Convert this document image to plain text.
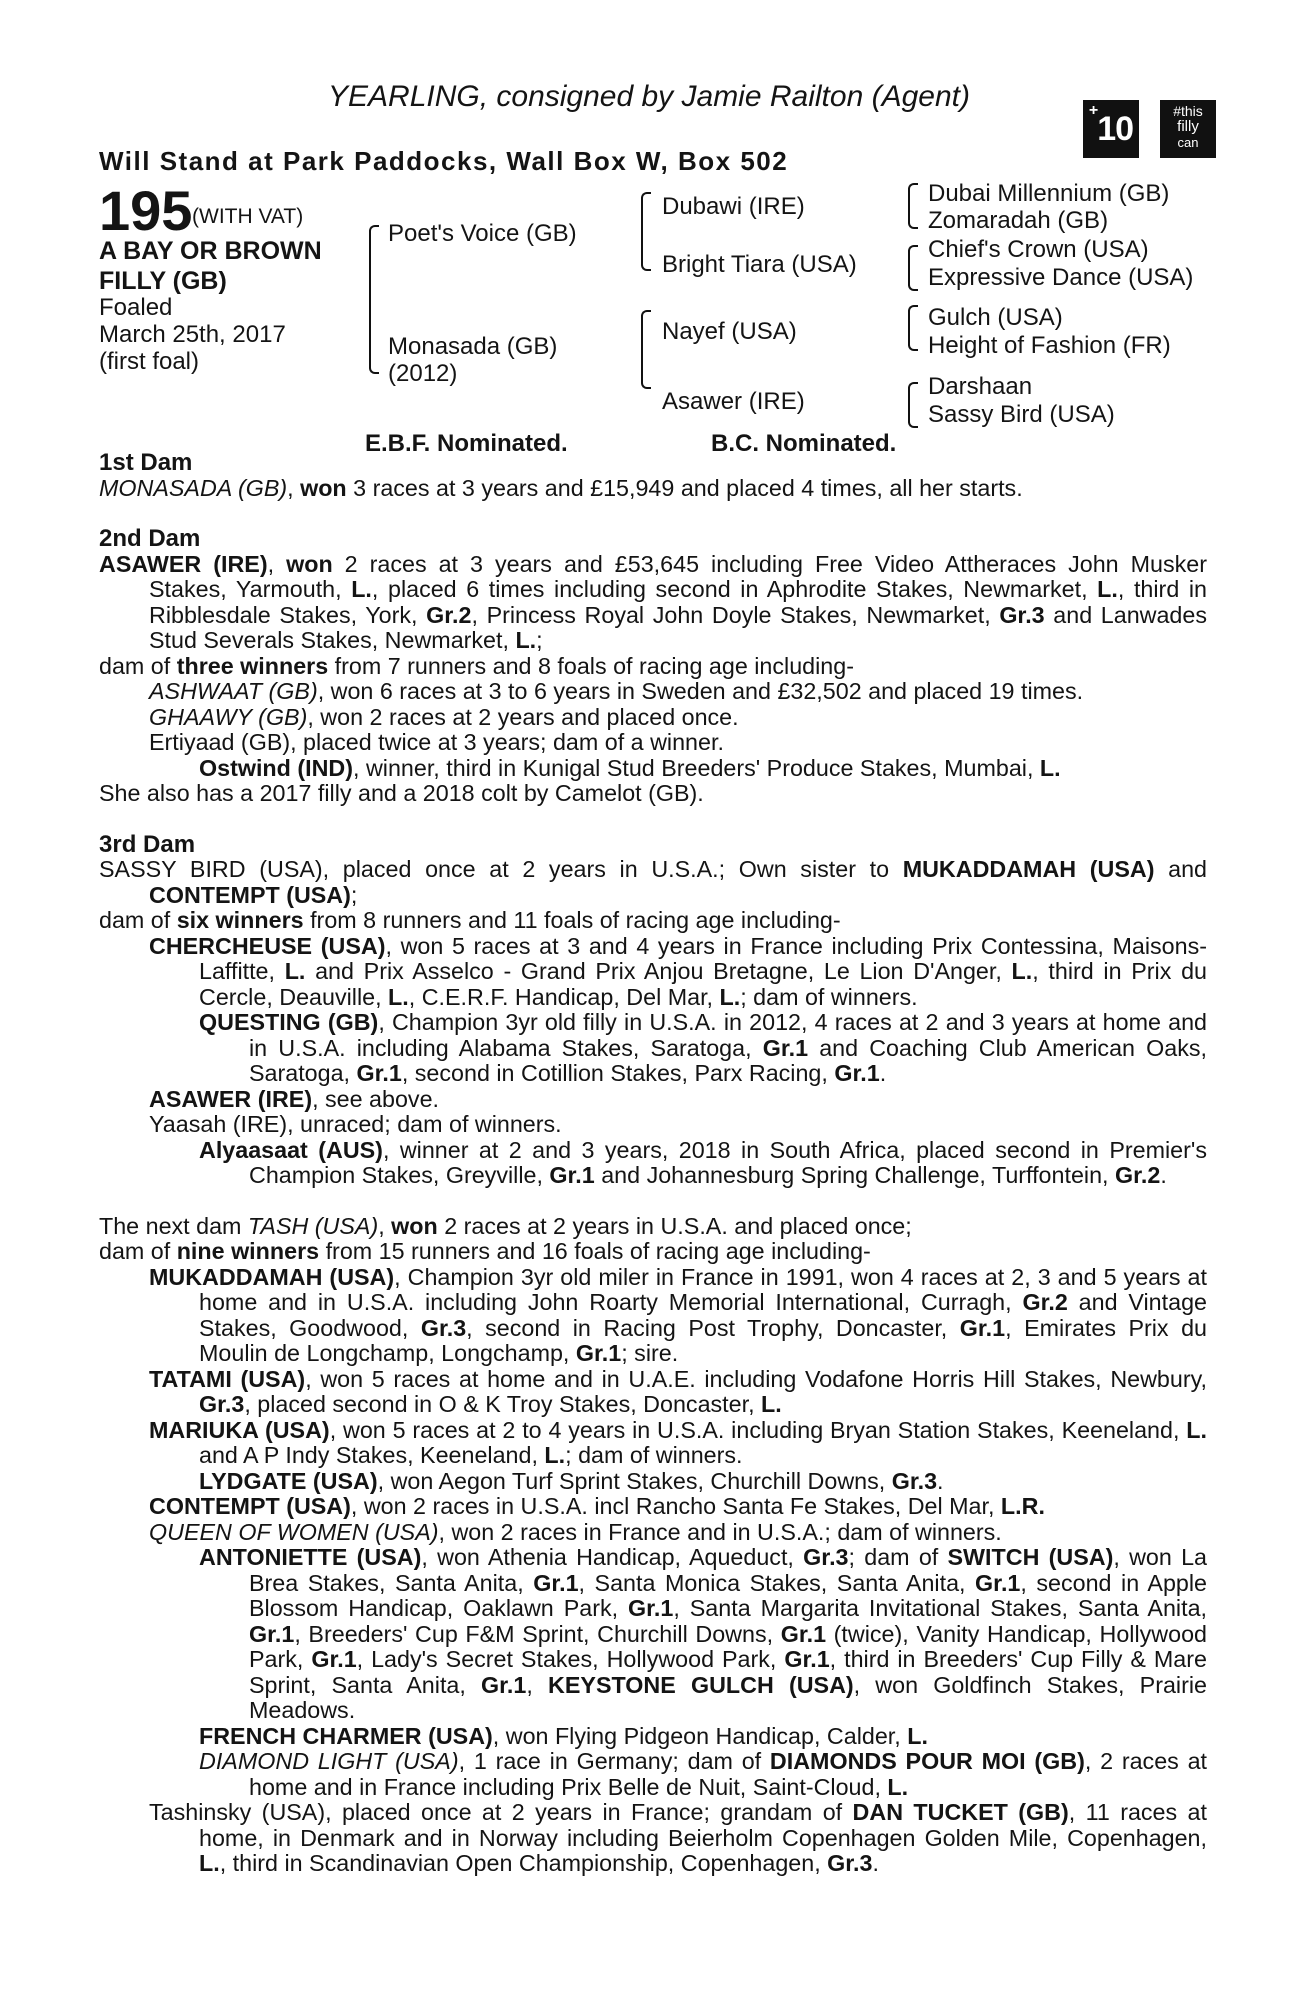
YEARLING, consigned by Jamie Railton (Agent)
Will Stand at Park Paddocks, Wall Box W, Box 502
+10	#this
filly
can
195 (WITH VAT)
A BAY OR BROWN
FILLY (GB)
Foaled
March 25th, 2017
(first foal)
Poet's Voice (GB)
Monasada (GB)
(2012)
Dubawi (IRE)
Bright Tiara (USA)
Nayef (USA)
Asawer (IRE)
Dubai Millennium (GB)
Zomaradah (GB)
Chief's Crown (USA)
Expressive Dance (USA)
Gulch (USA)
Height of Fashion (FR)
Darshaan
Sassy Bird (USA)
E.B.F. Nominated.	B.C. Nominated.

1st Dam

MONASADA (GB), won 3 races at 3 years and £15,949 and placed 4 times, all her starts.

2nd Dam

ASAWER (IRE), won 2 races at 3 years and £53,645 including Free Video Attheraces John Musker Stakes, Yarmouth, L., placed 6 times including second in Aphrodite Stakes, Newmarket, L., third in Ribblesdale Stakes, York, Gr.2, Princess Royal John Doyle Stakes, Newmarket, Gr.3 and Lanwades Stud Severals Stakes, Newmarket, L.;

dam of three winners from 7 runners and 8 foals of racing age including-

ASHWAAT (GB), won 6 races at 3 to 6 years in Sweden and £32,502 and placed 19 times.

GHAAWY (GB), won 2 races at 2 years and placed once.

Ertiyaad (GB), placed twice at 3 years; dam of a winner.

Ostwind (IND), winner, third in Kunigal Stud Breeders' Produce Stakes, Mumbai, L.

She also has a 2017 filly and a 2018 colt by Camelot (GB).

3rd Dam

SASSY BIRD (USA), placed once at 2 years in U.S.A.; Own sister to MUKADDAMAH (USA) and CONTEMPT (USA);

dam of six winners from 8 runners and 11 foals of racing age including-

CHERCHEUSE (USA), won 5 races at 3 and 4 years in France including Prix Contessina, Maisons-Laffitte, L. and Prix Asselco - Grand Prix Anjou Bretagne, Le Lion D'Anger, L., third in Prix du Cercle, Deauville, L., C.E.R.F. Handicap, Del Mar, L.; dam of winners.

QUESTING (GB), Champion 3yr old filly in U.S.A. in 2012, 4 races at 2 and 3 years at home and in U.S.A. including Alabama Stakes, Saratoga, Gr.1 and Coaching Club American Oaks, Saratoga, Gr.1, second in Cotillion Stakes, Parx Racing, Gr.1.

ASAWER (IRE), see above.

Yaasah (IRE), unraced; dam of winners.

Alyaasaat (AUS), winner at 2 and 3 years, 2018 in South Africa, placed second in Premier's Champion Stakes, Greyville, Gr.1 and Johannesburg Spring Challenge, Turffontein, Gr.2.

The next dam TASH (USA), won 2 races at 2 years in U.S.A. and placed once;

dam of nine winners from 15 runners and 16 foals of racing age including-

MUKADDAMAH (USA), Champion 3yr old miler in France in 1991, won 4 races at 2, 3 and 5 years at home and in U.S.A. including John Roarty Memorial International, Curragh, Gr.2 and Vintage Stakes, Goodwood, Gr.3, second in Racing Post Trophy, Doncaster, Gr.1, Emirates Prix du Moulin de Longchamp, Longchamp, Gr.1; sire.

TATAMI (USA), won 5 races at home and in U.A.E. including Vodafone Horris Hill Stakes, Newbury, Gr.3, placed second in O & K Troy Stakes, Doncaster, L.

MARIUKA (USA), won 5 races at 2 to 4 years in U.S.A. including Bryan Station Stakes, Keeneland, L. and A P Indy Stakes, Keeneland, L.; dam of winners.

LYDGATE (USA), won Aegon Turf Sprint Stakes, Churchill Downs, Gr.3.

CONTEMPT (USA), won 2 races in U.S.A. incl Rancho Santa Fe Stakes, Del Mar, L.R.

QUEEN OF WOMEN (USA), won 2 races in France and in U.S.A.; dam of winners.

ANTONIETTE (USA), won Athenia Handicap, Aqueduct, Gr.3; dam of SWITCH (USA), won La Brea Stakes, Santa Anita, Gr.1, Santa Monica Stakes, Santa Anita, Gr.1, second in Apple Blossom Handicap, Oaklawn Park, Gr.1, Santa Margarita Invitational Stakes, Santa Anita, Gr.1, Breeders' Cup F&M Sprint, Churchill Downs, Gr.1 (twice), Vanity Handicap, Hollywood Park, Gr.1, Lady's Secret Stakes, Hollywood Park, Gr.1, third in Breeders' Cup Filly & Mare Sprint, Santa Anita, Gr.1, KEYSTONE GULCH (USA), won Goldfinch Stakes, Prairie Meadows.

FRENCH CHARMER (USA), won Flying Pidgeon Handicap, Calder, L.

DIAMOND LIGHT (USA), 1 race in Germany; dam of DIAMONDS POUR MOI (GB), 2 races at home and in France including Prix Belle de Nuit, Saint-Cloud, L.

Tashinsky (USA), placed once at 2 years in France; grandam of DAN TUCKET (GB), 11 races at home, in Denmark and in Norway including Beierholm Copenhagen Golden Mile, Copenhagen, L., third in Scandinavian Open Championship, Copenhagen, Gr.3.
